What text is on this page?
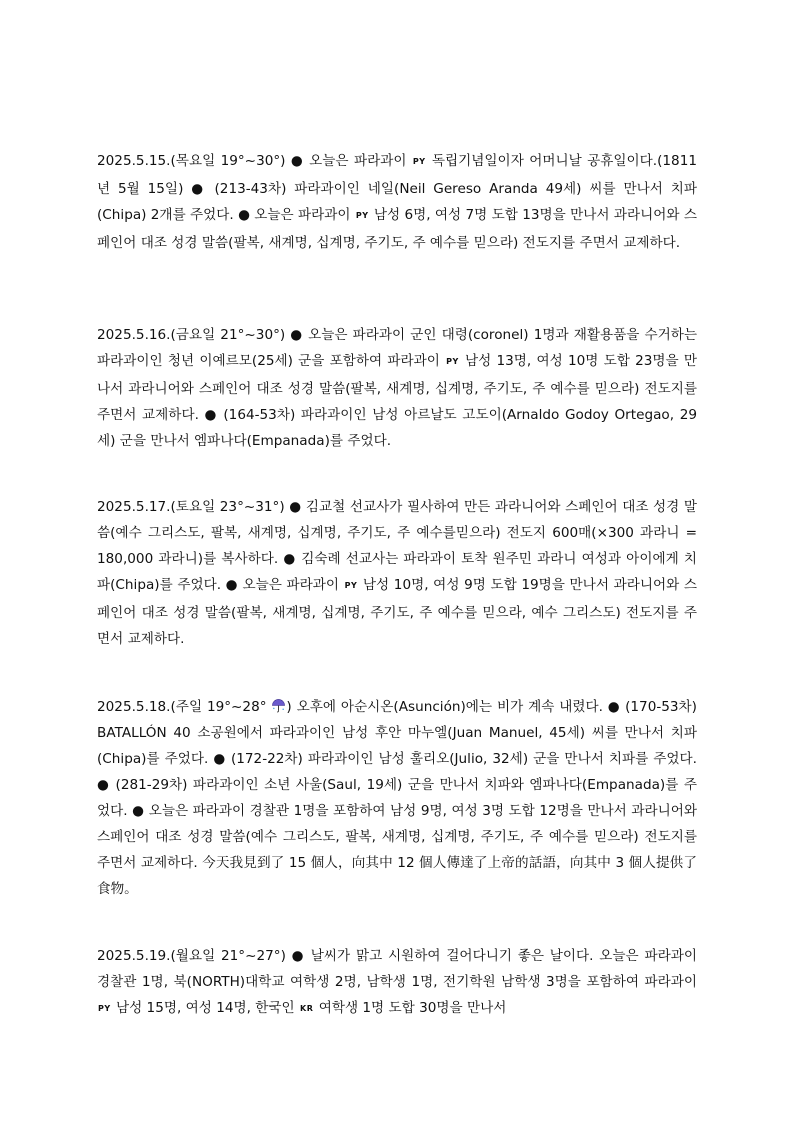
2025.5.15.(목요일 19°~30°) ● 오늘은 파라과이 PY 독립기념일이자 어머니날 공휴일이다.(1811년 5월 15일) ● (213-43차) 파라과이인 네일(Neil Gereso Aranda 49세) 씨를 만나서 치파(Chipa) 2개를 주었다. ● 오늘은 파라과이 PY 남성 6명, 여성 7명 도합 13명을 만나서 과라니어와 스페인어 대조 성경 말씀(팔복, 새계명, 십계명, 주기도, 주 예수를 믿으라) 전도지를 주면서 교제하다.

2025.5.16.(금요일 21°~30°) ● 오늘은 파라과이 군인 대령(coronel) 1명과 재활용품을 수거하는 파라과이인 청년 이예르모(25세) 군을 포함하여 파라과이 PY 남성 13명, 여성 10명 도합 23명을 만나서 과라니어와 스페인어 대조 성경 말씀(팔복, 새계명, 십계명, 주기도, 주 예수를 믿으라) 전도지를 주면서 교제하다. ● (164-53차) 파라과이인 남성 아르날도 고도이(Arnaldo Godoy Ortegao, 29세) 군을 만나서 엠파나다(Empanada)를 주었다.

2025.5.17.(토요일 23°~31°) ● 김교철 선교사가 필사하여 만든 과라니어와 스페인어 대조 성경 말씀(예수 그리스도, 팔복, 새계명, 십계명, 주기도, 주 예수를믿으라) 전도지 600매(×300 과라니 = 180,000 과라니)를 복사하다. ● 김숙례 선교사는 파라과이 토착 원주민 과라니 여성과 아이에게 치파(Chipa)를 주었다. ● 오늘은 파라과이 PY 남성 10명, 여성 9명 도합 19명을 만나서 과라니어와 스페인어 대조 성경 말씀(팔복, 새계명, 십계명, 주기도, 주 예수를 믿으라, 예수 그리스도) 전도지를 주면서 교제하다.

2025.5.18.(주일 19°~28° ) 오후에 아순시온(Asunción)에는 비가 계속 내렸다. ● (170-53차) BATALLÓN 40 소공원에서 파라과이인 남성 후안 마누엘(Juan Manuel, 45세) 씨를 만나서 치파(Chipa)를 주었다. ● (172-22차) 파라과이인 남성 훌리오(Julio, 32세) 군을 만나서 치파를 주었다. ● (281-29차) 파라과이인 소년 사울(Saul, 19세) 군을 만나서 치파와 엠파나다(Empanada)를 주었다. ● 오늘은 파라과이 경찰관 1명을 포함하여 남성 9명, 여성 3명 도합 12명을 만나서 과라니어와 스페인어 대조 성경 말씀(예수 그리스도, 팔복, 새계명, 십계명, 주기도, 주 예수를 믿으라) 전도지를 주면서 교제하다. 今天我見到了 15 個人，向其中 12 個人傳達了上帝的話語，向其中 3 個人提供了食物。

2025.5.19.(월요일 21°~27°) ● 날씨가 맑고 시원하여 걸어다니기 좋은 날이다. 오늘은 파라과이 경찰관 1명, 북(NORTH)대학교 여학생 2명, 남학생 1명, 전기학원 남학생 3명을 포함하여 파라과이 PY 남성 15명, 여성 14명, 한국인 KR 여학생 1명 도합 30명을 만나서
